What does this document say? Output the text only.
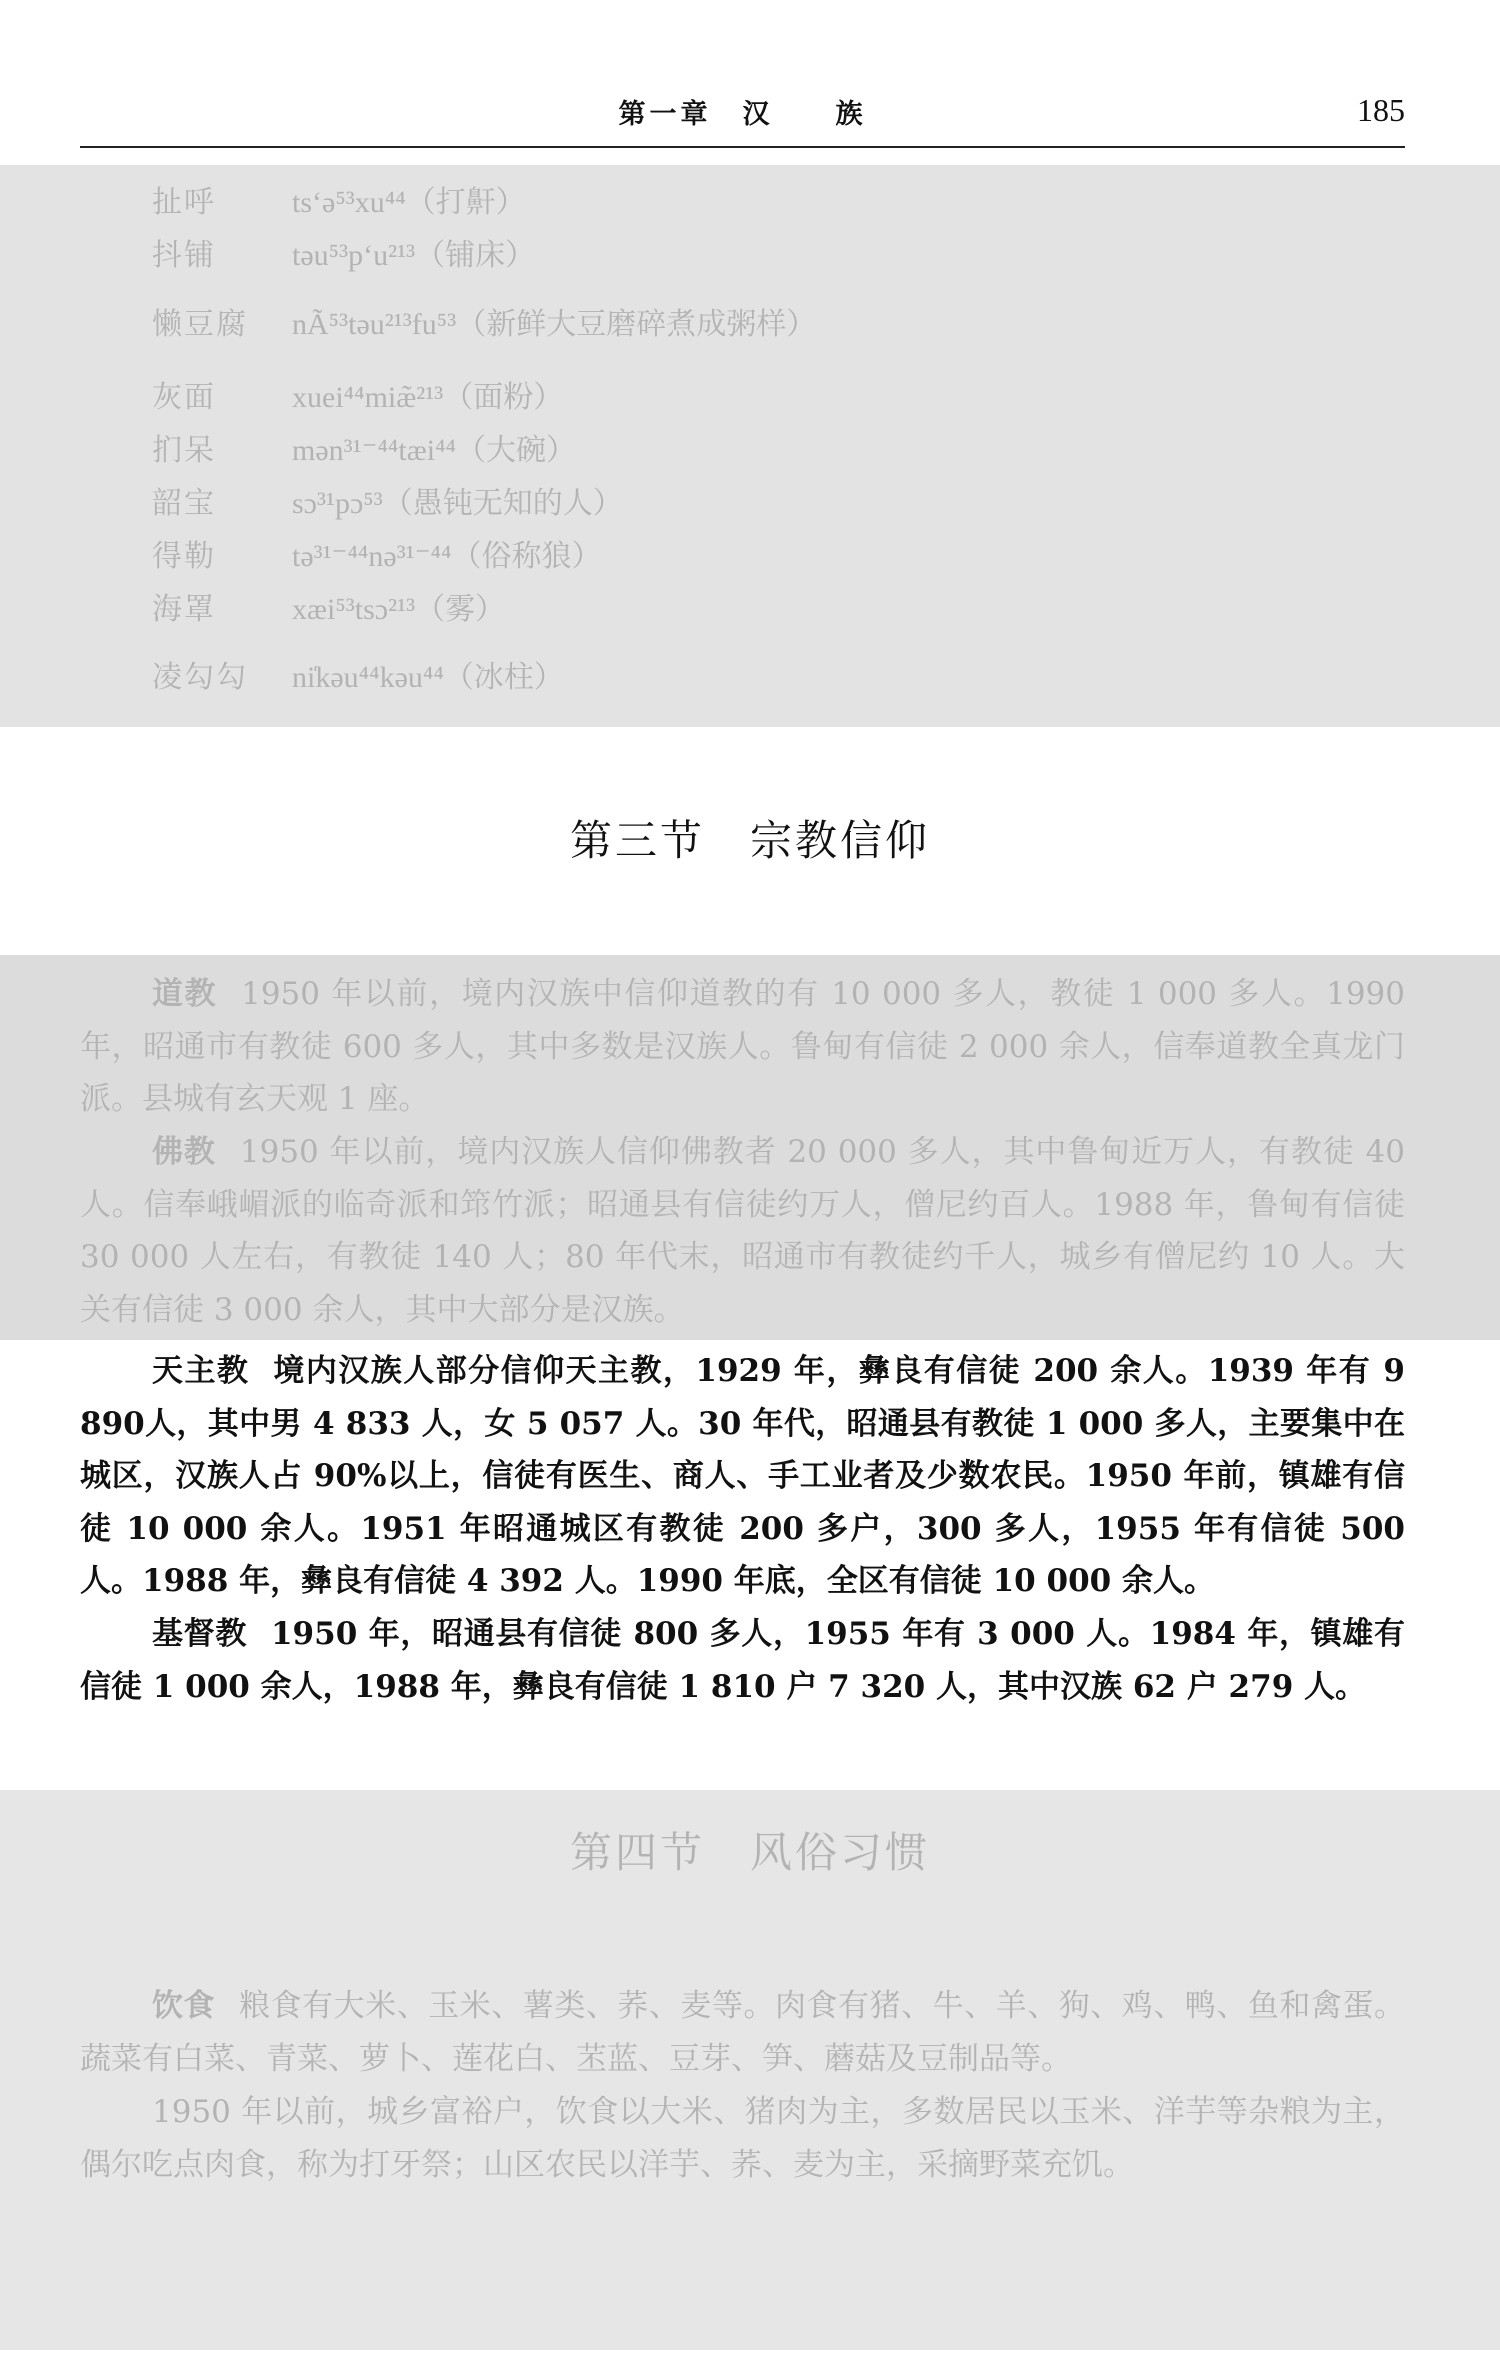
第一章　汉　　族	185
扯呼	ts‘ə⁵³xu⁴⁴（打鼾）
抖铺	təu⁵³p‘u²¹³（铺床）
懒豆腐 nÃ⁵³təu²¹³fu⁵³（新鲜大豆磨碎煮成粥样）
灰面	xuei⁴⁴miæ̃²¹³（面粉）
扪呆	mən³¹⁻⁴⁴tæi⁴⁴（大碗）
韶宝	sɔ³¹pɔ⁵³（愚钝无知的人）
得勒	tə³¹⁻⁴⁴nə³¹⁻⁴⁴（俗称狼）
海罩	xæi⁵³tsɔ²¹³（雾）
凌勾勾 ni̍kəu⁴⁴kəu⁴⁴（冰柱）
第三节　宗教信仰

道教 1950 年以前，境内汉族中信仰道教的有 10 000 多人，教徒 1 000 多人。1990 年，昭通市有教徒 600 多人，其中多数是汉族人。鲁甸有信徒 2 000 余人，信奉道教全真龙门派。县城有玄天观 1 座。

佛教 1950 年以前，境内汉族人信仰佛教者 20 000 多人，其中鲁甸近万人，有教徒 40 人。信奉峨嵋派的临奇派和筇竹派；昭通县有信徒约万人，僧尼约百人。1988 年，鲁甸有信徒 30 000 人左右，有教徒 140 人；80 年代末，昭通市有教徒约千人，城乡有僧尼约 10 人。大关有信徒 3 000 余人，其中大部分是汉族。

天主教 境内汉族人部分信仰天主教，1929 年，彝良有信徒 200 余人。1939 年有 9 890人，其中男 4 833 人，女 5 057 人。30 年代，昭通县有教徒 1 000 多人，主要集中在城区，汉族人占 90%以上，信徒有医生、商人、手工业者及少数农民。1950 年前，镇雄有信徒 10 000 余人。1951 年昭通城区有教徒 200 多户，300 多人，1955 年有信徒 500 人。1988 年，彝良有信徒 4 392 人。1990 年底，全区有信徒 10 000 余人。

基督教 1950 年，昭通县有信徒 800 多人，1955 年有 3 000 人。1984 年，镇雄有信徒 1 000 余人，1988 年，彝良有信徒 1 810 户 7 320 人，其中汉族 62 户 279 人。

第四节　风俗习惯

饮食 粮食有大米、玉米、薯类、荞、麦等。肉食有猪、牛、羊、狗、鸡、鸭、鱼和禽蛋。蔬菜有白菜、青菜、萝卜、莲花白、苤蓝、豆芽、笋、蘑菇及豆制品等。

1950 年以前，城乡富裕户，饮食以大米、猪肉为主，多数居民以玉米、洋芋等杂粮为主，偶尔吃点肉食，称为打牙祭；山区农民以洋芋、荞、麦为主，采摘野菜充饥。
